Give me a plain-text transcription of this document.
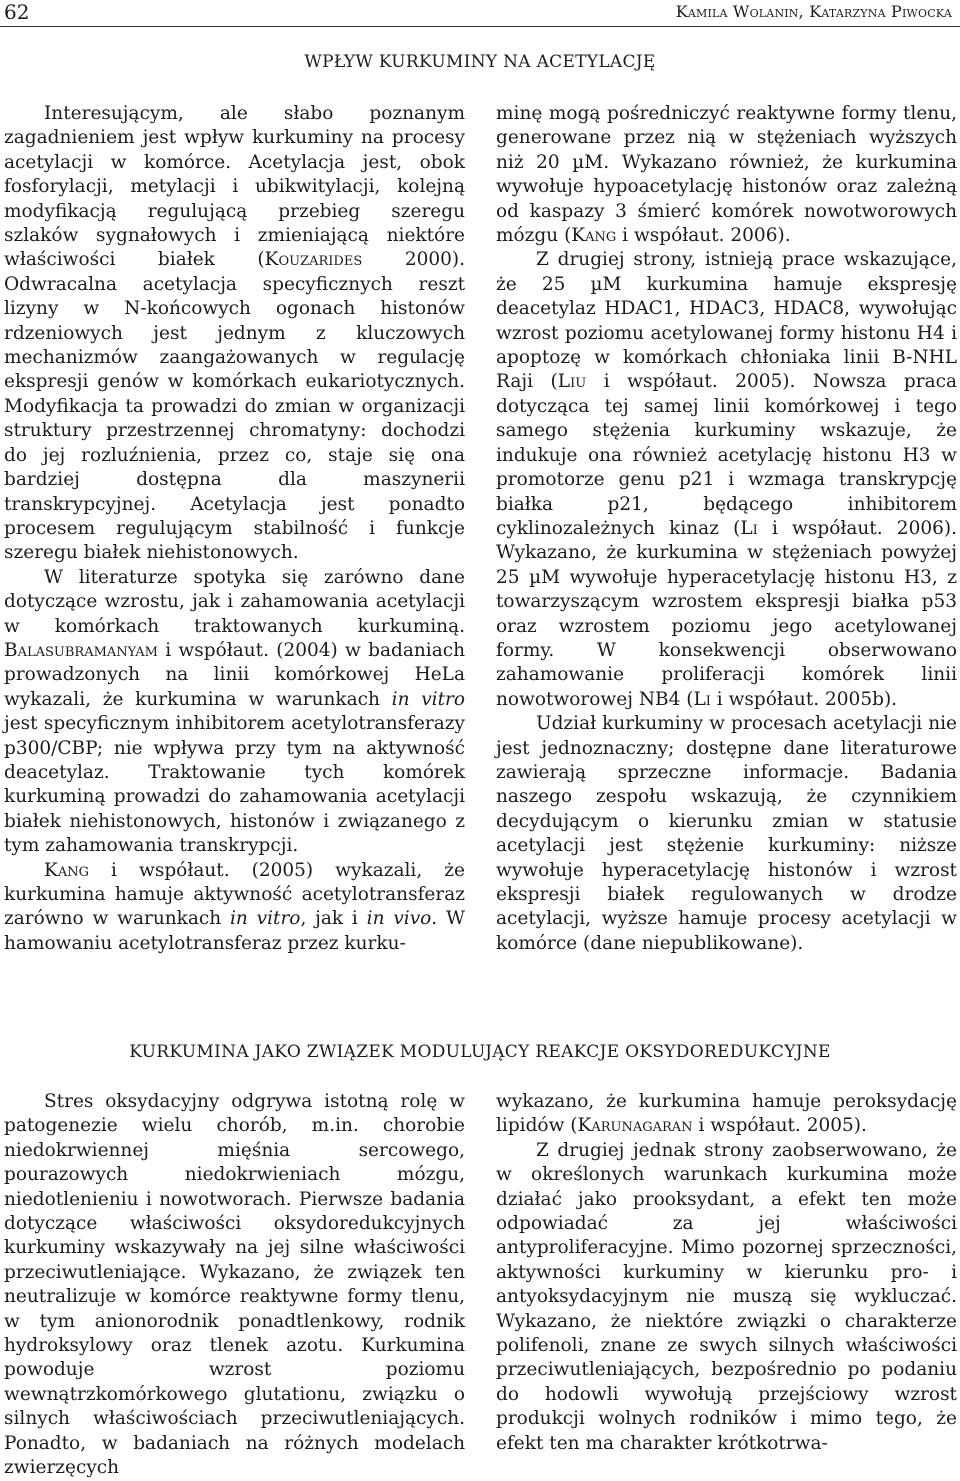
62	Kamila Wolanin, Katarzyna Piwocka
WPŁYW KURKUMINY NA ACETYLACJĘ

Interesującym, ale słabo poznanym zagadnieniem jest wpływ kurkuminy na procesy acetylacji w komórce. Acetylacja jest, obok fosforylacji, metylacji i ubikwitylacji, kolejną modyfikacją regulującą przebieg szeregu szlaków sygnałowych i zmieniającą niektóre właściwości białek (Kouzarides 2000). Odwracalna acetylacja specyficznych reszt lizyny w N-końcowych ogonach histonów rdzeniowych jest jednym z kluczowych mechanizmów zaangażowanych w regulację ekspresji genów w komórkach eukariotycznych. Modyfikacja ta prowadzi do zmian w organizacji struktury przestrzennej chromatyny: dochodzi do jej rozluźnienia, przez co, staje się ona bardziej dostępna dla maszynerii transkrypcyjnej. Acetylacja jest ponadto procesem regulującym stabilność i funkcje szeregu białek niehistonowych.

W literaturze spotyka się zarówno dane dotyczące wzrostu, jak i zahamowania acetylacji w komórkach traktowanych kurkuminą. Balasubramanyam i współaut. (2004) w badaniach prowadzonych na linii komórkowej HeLa wykazali, że kurkumina w warunkach in vitro jest specyficznym inhibitorem acetylotransferazy p300/CBP; nie wpływa przy tym na aktywność deacetylaz. Traktowanie tych komórek kurkuminą prowadzi do zahamowania acetylacji białek niehistonowych, histonów i związanego z tym zahamowania transkrypcji.

Kang i współaut. (2005) wykazali, że kurkumina hamuje aktywność acetylotransferaz zarówno w warunkach in vitro, jak i in vivo. W hamowaniu acetylotransferaz przez kurku-

minę mogą pośredniczyć reaktywne formy tlenu, generowane przez nią w stężeniach wyższych niż 20 µM. Wykazano również, że kurkumina wywołuje hypoacetylację histonów oraz zależną od kaspazy 3 śmierć komórek nowotworowych mózgu (Kang i współaut. 2006).

Z drugiej strony, istnieją prace wskazujące, że 25 µM kurkumina hamuje ekspresję deacetylaz HDAC1, HDAC3, HDAC8, wywołując wzrost poziomu acetylowanej formy histonu H4 i apoptozę w komórkach chłoniaka linii B-NHL Raji (Liu i współaut. 2005). Nowsza praca dotycząca tej samej linii komórkowej i tego samego stężenia kurkuminy wskazuje, że indukuje ona również acetylację histonu H3 w promotorze genu p21 i wzmaga transkrypcję białka p21, będącego inhibitorem cyklinozależnych kinaz (Li i współaut. 2006). Wykazano, że kurkumina w stężeniach powyżej 25 µM wywołuje hyperacetylację histonu H3, z towarzyszącym wzrostem ekspresji białka p53 oraz wzrostem poziomu jego acetylowanej formy. W konsekwencji obserwowano zahamowanie proliferacji komórek linii nowotworowej NB4 (Li i współaut. 2005b).

Udział kurkuminy w procesach acetylacji nie jest jednoznaczny; dostępne dane literaturowe zawierają sprzeczne informacje. Badania naszego zespołu wskazują, że czynnikiem decydującym o kierunku zmian w statusie acetylacji jest stężenie kurkuminy: niższe wywołuje hyperacetylację histonów i wzrost ekspresji białek regulowanych w drodze acetylacji, wyższe hamuje procesy acetylacji w komórce (dane niepublikowane).

KURKUMINA JAKO ZWIĄZEK MODULUJĄCY REAKCJE OKSYDOREDUKCYJNE

Stres oksydacyjny odgrywa istotną rolę w patogenezie wielu chorób, m.in. chorobie niedokrwiennej mięśnia sercowego, pourazowych niedokrwieniach mózgu, niedotlenieniu i nowotworach. Pierwsze badania dotyczące właściwości oksydoredukcyjnych kurkuminy wskazywały na jej silne właściwości przeciwutleniające. Wykazano, że związek ten neutralizuje w komórce reaktywne formy tlenu, w tym anionorodnik ponadtlenkowy, rodnik hydroksylowy oraz tlenek azotu. Kurkumina powoduje wzrost poziomu wewnątrzkomórkowego glutationu, związku o silnych właściwościach przeciwutleniających. Ponadto, w badaniach na różnych modelach zwierzęcych

wykazano, że kurkumina hamuje peroksydację lipidów (Karunagaran i współaut. 2005).

Z drugiej jednak strony zaobserwowano, że w określonych warunkach kurkumina może działać jako prooksydant, a efekt ten może odpowiadać za jej właściwości antyproliferacyjne. Mimo pozornej sprzeczności, aktywności kurkuminy w kierunku pro- i antyoksydacyjnym nie muszą się wykluczać. Wykazano, że niektóre związki o charakterze polifenoli, znane ze swych silnych właściwości przeciwutleniających, bezpośrednio po podaniu do hodowli wywołują przejściowy wzrost produkcji wolnych rodników i mimo tego, że efekt ten ma charakter krótkotrwa-
